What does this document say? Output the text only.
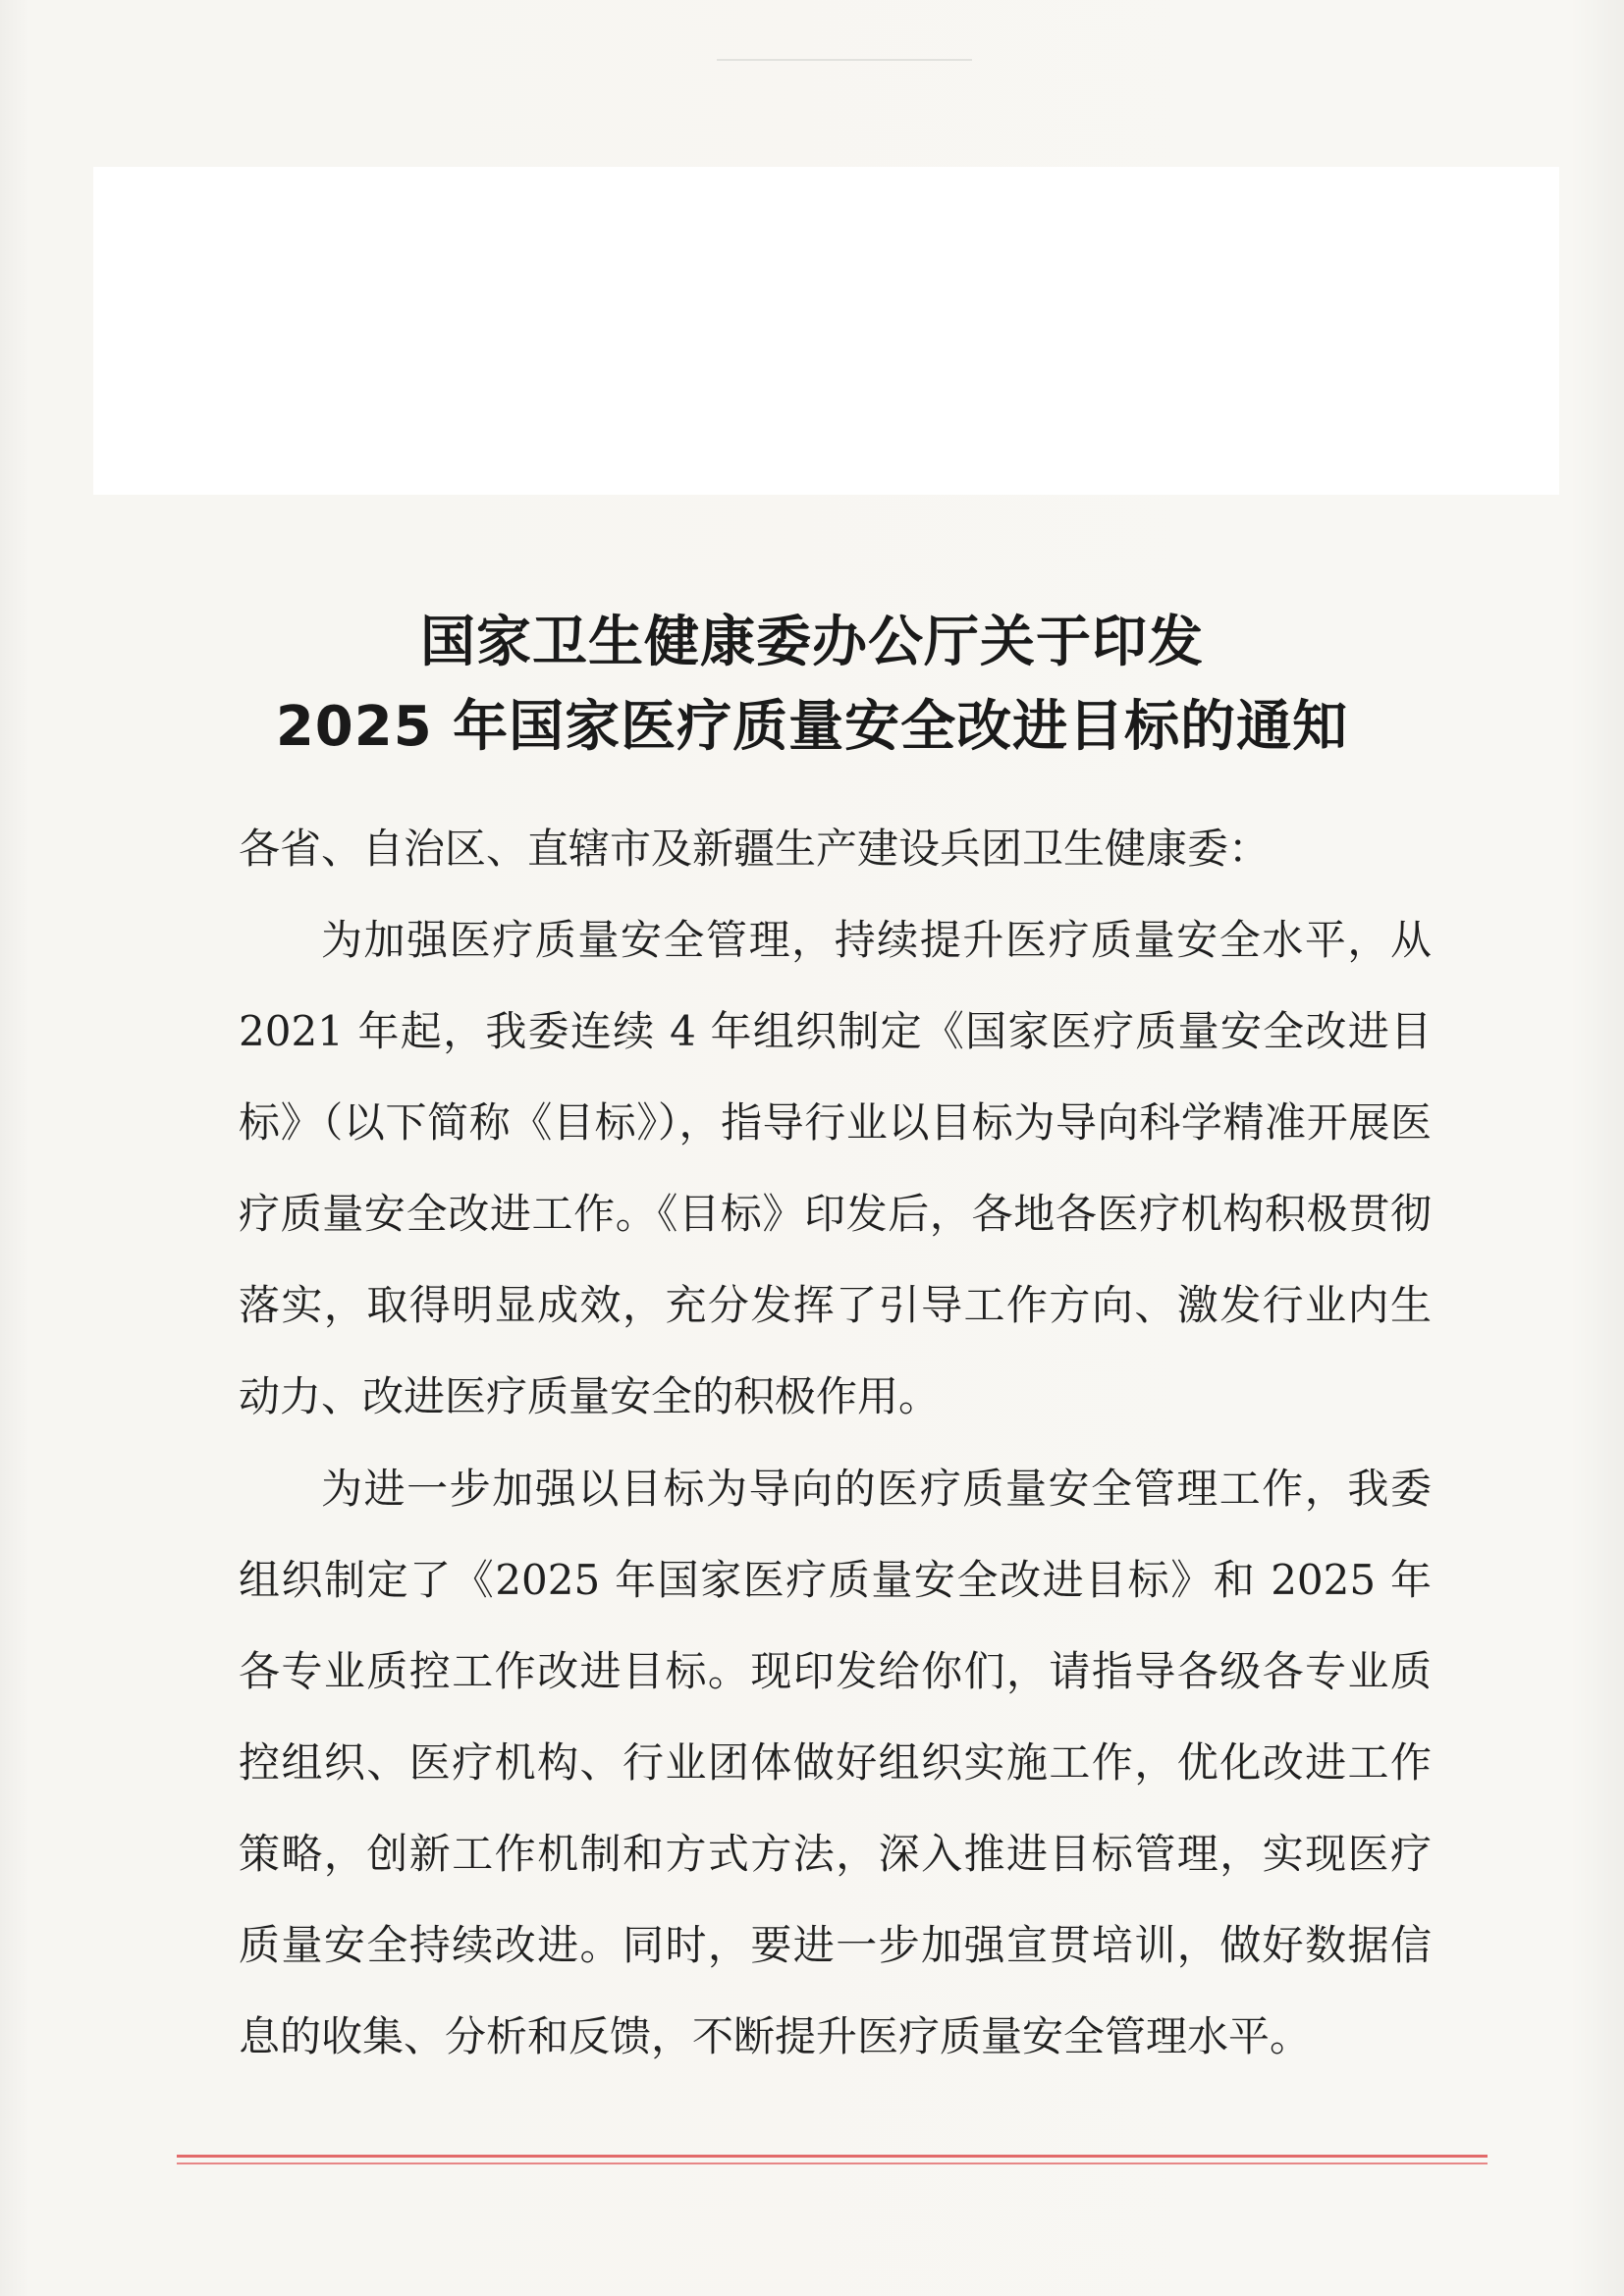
国家卫生健康委办公厅关于印发
2025 年国家医疗质量安全改进目标的通知
各省、自治区、直辖市及新疆生产建设兵团卫生健康委：
为加强医疗质量安全管理，持续提升医疗质量安全水平，从 2021 年起，我委连续 4 年组织制定《国家医疗质量安全改进目标》（以下简称《目标》），指导行业以目标为导向科学精准开展医疗质量安全改进工作。《目标》印发后，各地各医疗机构积极贯彻落实，取得明显成效，充分发挥了引导工作方向、激发行业内生动力、改进医疗质量安全的积极作用。
为进一步加强以目标为导向的医疗质量安全管理工作，我委组织制定了《2025 年国家医疗质量安全改进目标》和 2025 年各专业质控工作改进目标。现印发给你们，请指导各级各专业质控组织、医疗机构、行业团体做好组织实施工作，优化改进工作策略，创新工作机制和方式方法，深入推进目标管理，实现医疗质量安全持续改进。同时，要进一步加强宣贯培训，做好数据信息的收集、分析和反馈，不断提升医疗质量安全管理水平。
